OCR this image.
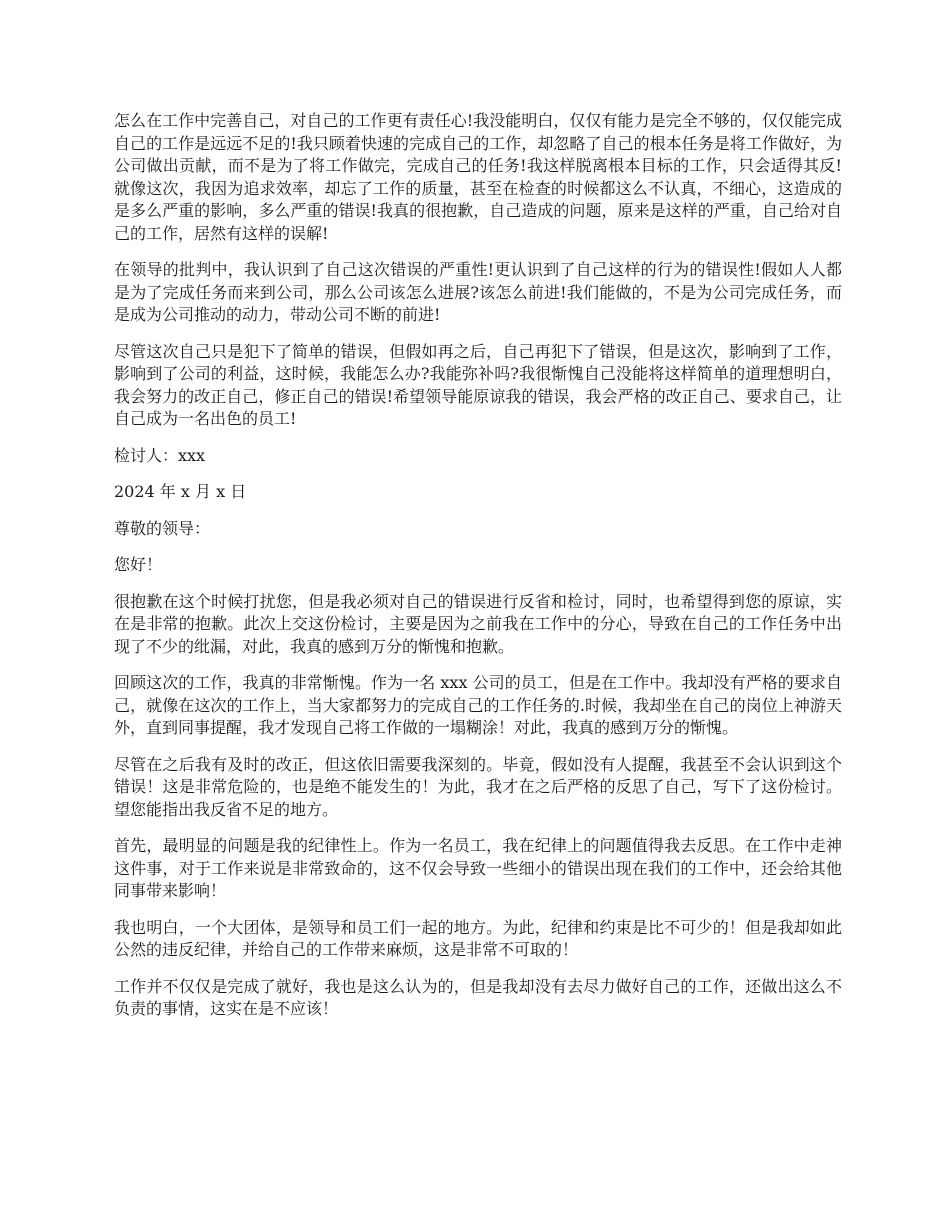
怎么在工作中完善自己，对自己的工作更有责任心!我没能明白，仅仅有能力是完全不够的，仅仅能完成自己的工作是远远不足的!我只顾着快速的完成自己的工作，却忽略了自己的根本任务是将工作做好，为公司做出贡献，而不是为了将工作做完，完成自己的任务!我这样脱离根本目标的工作，只会适得其反!就像这次，我因为追求效率，却忘了工作的质量，甚至在检查的时候都这么不认真，不细心，这造成的是多么严重的影响，多么严重的错误!我真的很抱歉，自己造成的问题，原来是这样的严重，自己给对自己的工作，居然有这样的误解!

在领导的批判中，我认识到了自己这次错误的严重性!更认识到了自己这样的行为的错误性!假如人人都是为了完成任务而来到公司，那么公司该怎么进展?该怎么前进!我们能做的，不是为公司完成任务，而是成为公司推动的动力，带动公司不断的前进!

尽管这次自己只是犯下了简单的错误，但假如再之后，自己再犯下了错误，但是这次，影响到了工作，影响到了公司的利益，这时候，我能怎么办?我能弥补吗?我很惭愧自己没能将这样简单的道理想明白，我会努力的改正自己，修正自己的错误!希望领导能原谅我的错误，我会严格的改正自己、要求自己，让自己成为一名出色的员工!

检讨人：xxx

2024 年 x 月 x 日

尊敬的领导：

您好！

很抱歉在这个时候打扰您，但是我必须对自己的错误进行反省和检讨，同时，也希望得到您的原谅，实在是非常的抱歉。此次上交这份检讨，主要是因为之前我在工作中的分心，导致在自己的工作任务中出现了不少的纰漏，对此，我真的感到万分的惭愧和抱歉。

回顾这次的工作，我真的非常惭愧。作为一名 xxx 公司的员工，但是在工作中。我却没有严格的要求自己，就像在这次的工作上，当大家都努力的完成自己的工作任务的.时候，我却坐在自己的岗位上神游天外，直到同事提醒，我才发现自己将工作做的一塌糊涂！对此，我真的感到万分的惭愧。

尽管在之后我有及时的改正，但这依旧需要我深刻的。毕竟，假如没有人提醒，我甚至不会认识到这个错误！这是非常危险的，也是绝不能发生的！为此，我才在之后严格的反思了自己，写下了这份检讨。望您能指出我反省不足的地方。

首先，最明显的问题是我的纪律性上。作为一名员工，我在纪律上的问题值得我去反思。在工作中走神这件事，对于工作来说是非常致命的，这不仅会导致一些细小的错误出现在我们的工作中，还会给其他同事带来影响！

我也明白，一个大团体，是领导和员工们一起的地方。为此，纪律和约束是比不可少的！但是我却如此公然的违反纪律，并给自己的工作带来麻烦，这是非常不可取的！

工作并不仅仅是完成了就好，我也是这么认为的，但是我却没有去尽力做好自己的工作，还做出这么不负责的事情，这实在是不应该！
